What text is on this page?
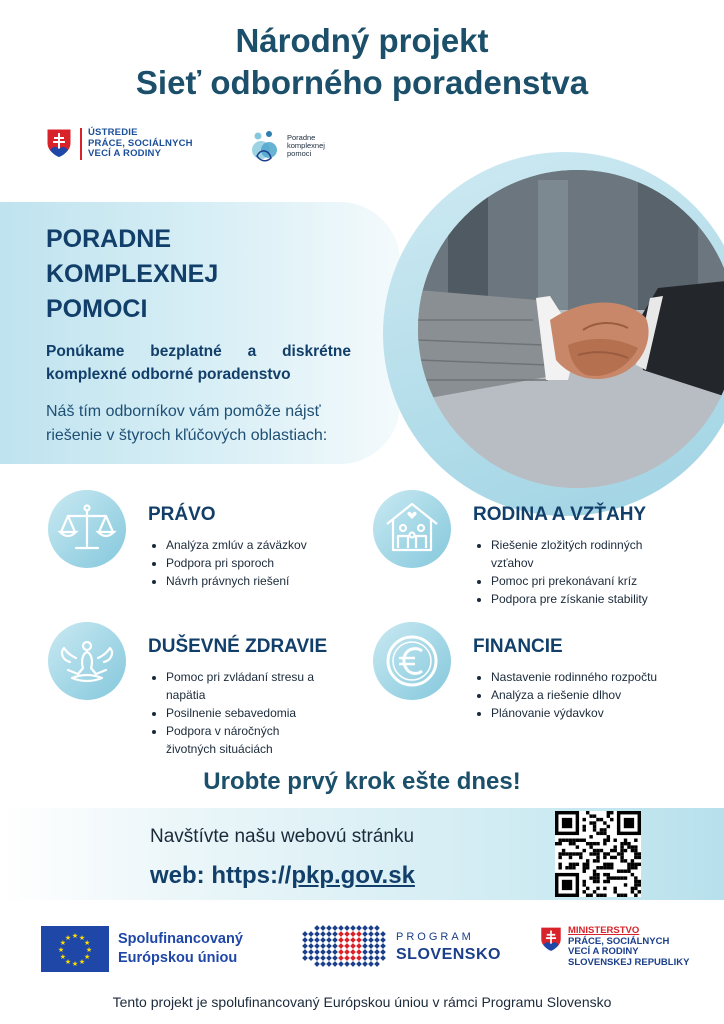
Národný projekt
Sieť odborného poradenstva
ÚSTREDIE
PRÁCE, SOCIÁLNYCH
VECÍ A RODINY
Poradne
komplexnej
pomoci
PORADNE
KOMPLEXNEJ
POMOCI
Ponúkame bezplatné a diskrétne komplexné odborné poradenstvo
Náš tím odborníkov vám pomôže nájsť riešenie v štyroch kľúčových oblastiach:
PRÁVO
• Analýza zmlúv a záväzkov
• Podpora pri sporoch
• Návrh právnych riešení
RODINA A VZŤAHY
• Riešenie zložitých rodinných vzťahov
• Pomoc pri prekonávaní kríz
• Podpora pre získanie stability
DUŠEVNÉ ZDRAVIE
• Pomoc pri zvládaní stresu a napätia
• Posilnenie sebavedomia
• Podpora v náročných životných situáciách
FINANCIE
• Nastavenie rodinného rozpočtu
• Analýza a riešenie dlhov
• Plánovanie výdavkov
Urobte prvý krok ešte dnes!
Navštívte našu webovú stránku
web: https://pkp.gov.sk
★ ★
★
★
★
★
★
★
★
★
★
★	Spolufinancovaný
Európskou úniou
PROGRAM
SLOVENSKO
MINISTERSTVO
PRÁCE, SOCIÁLNYCH
VECÍ A RODINY
SLOVENSKEJ REPUBLIKY
Tento projekt je spolufinancovaný Európskou úniou v rámci Programu Slovensko
